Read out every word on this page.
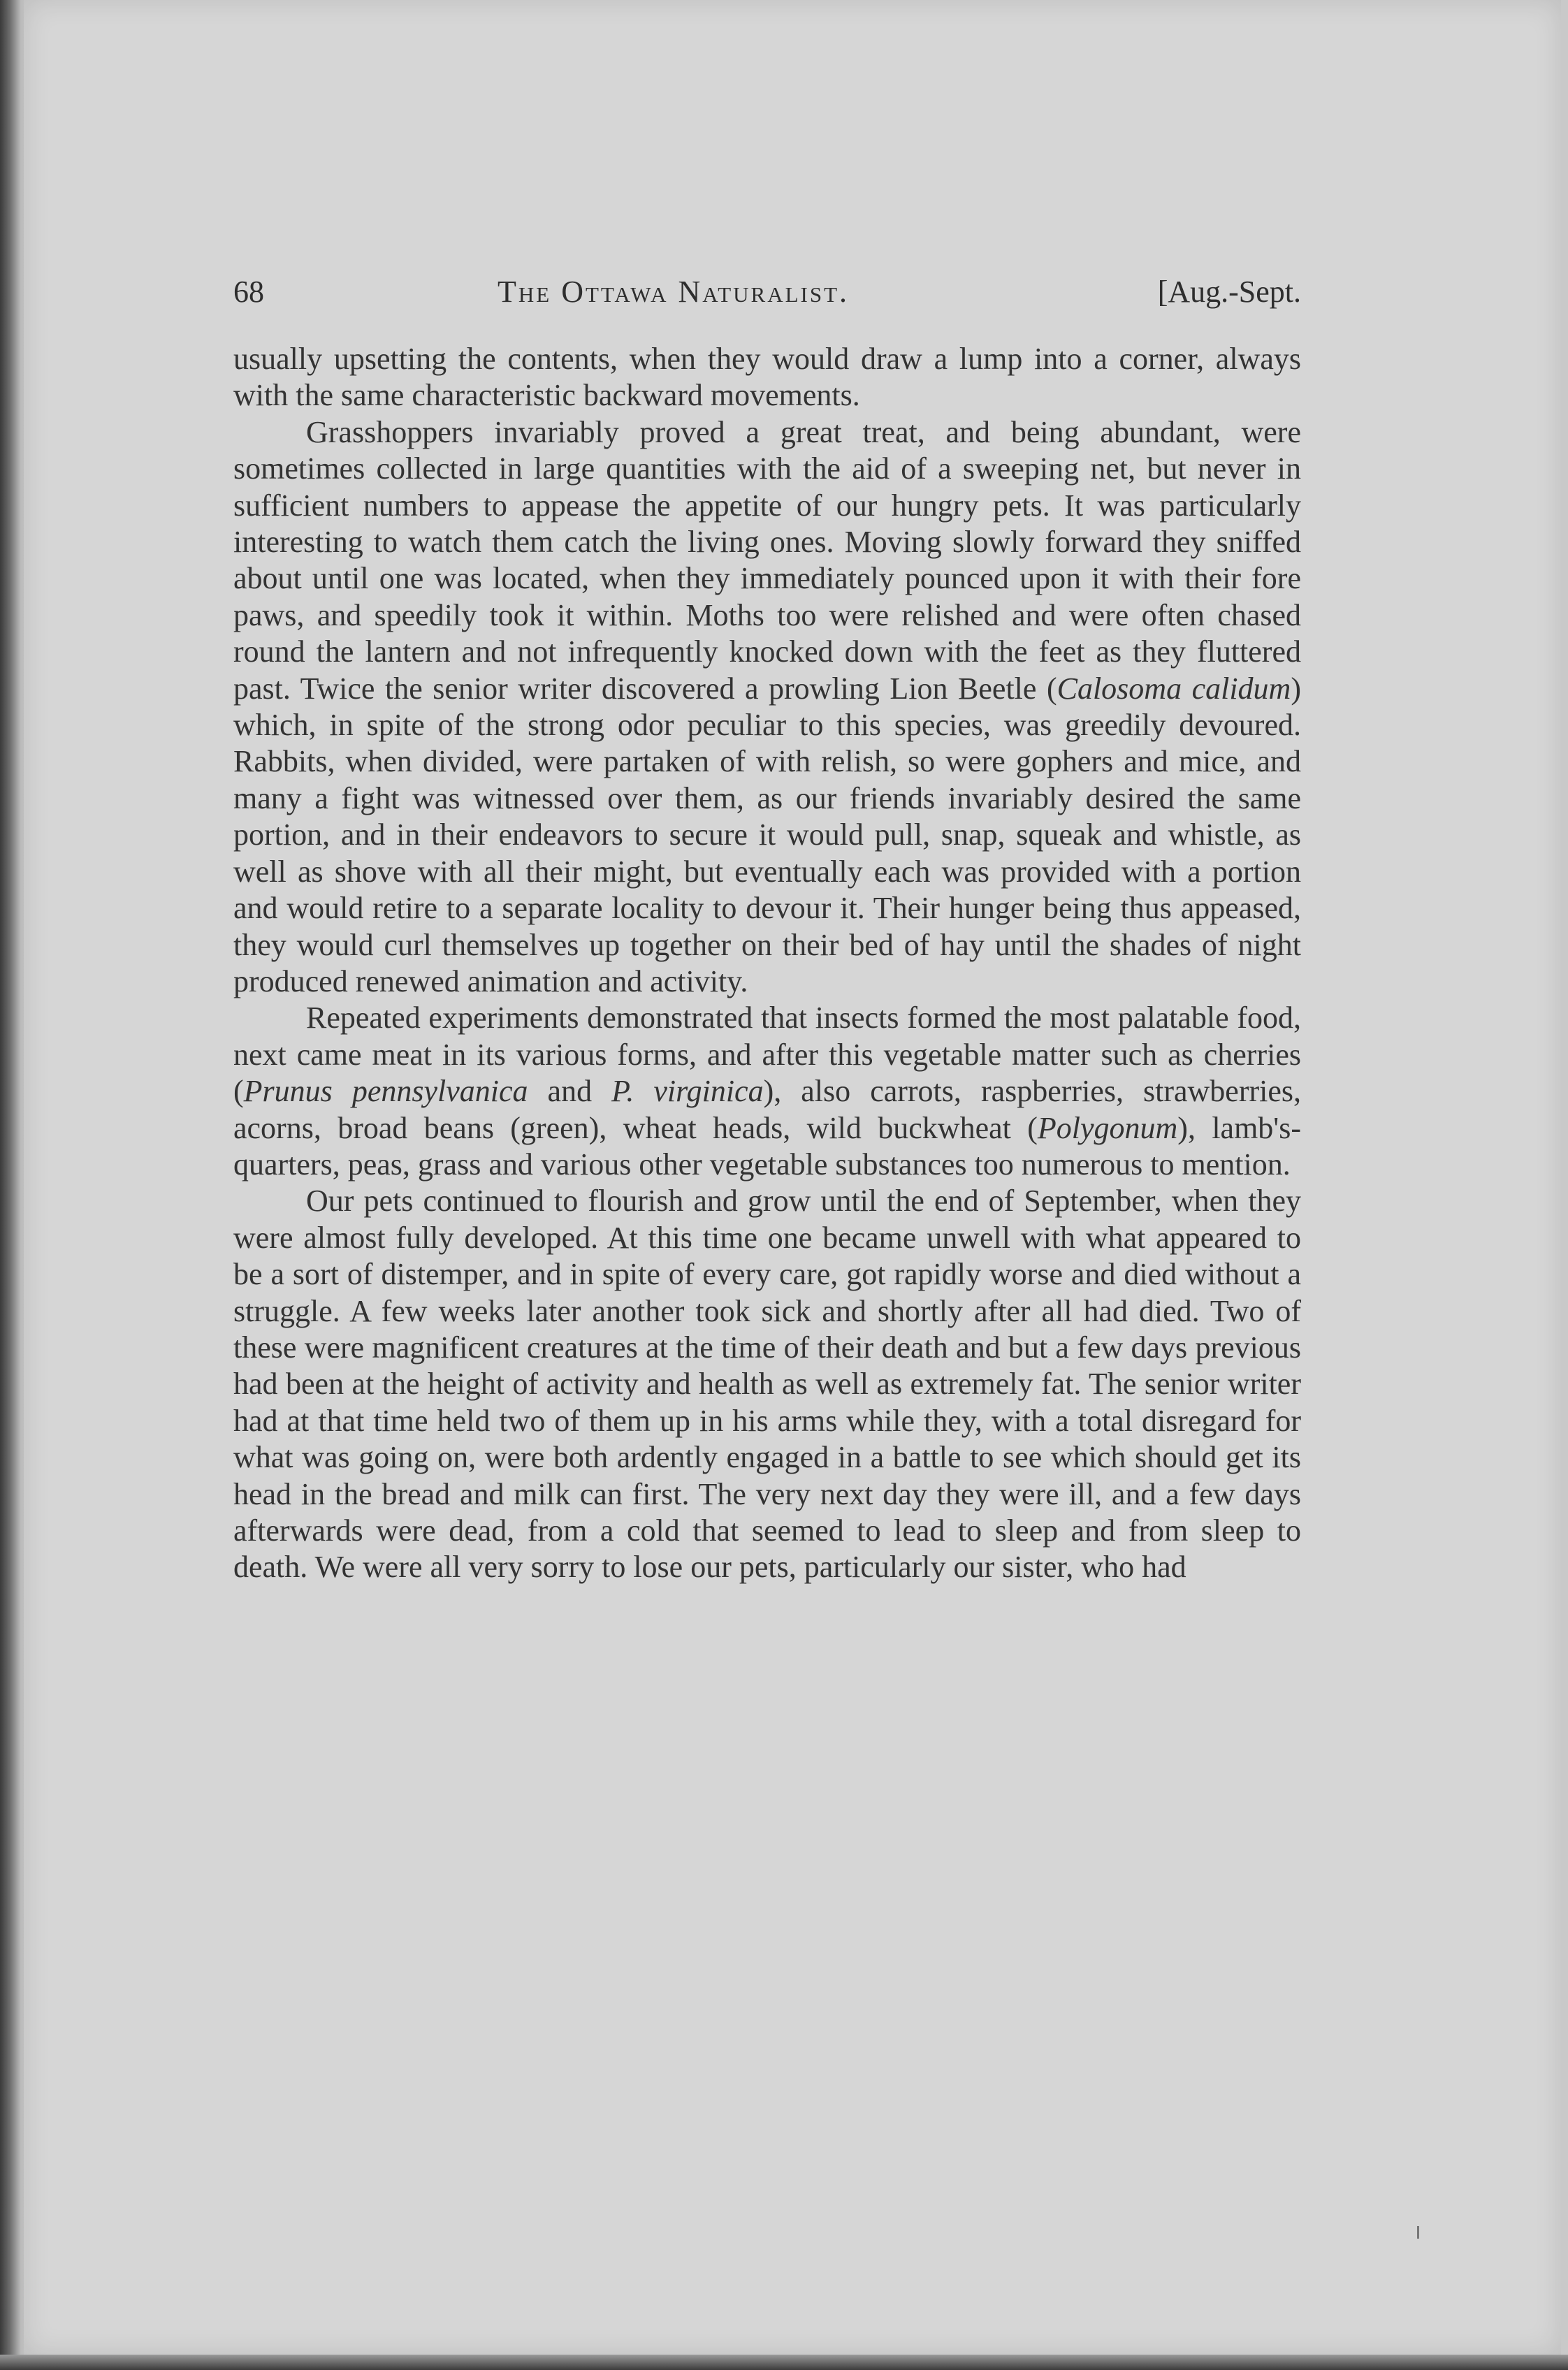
68	The Ottawa Naturalist.	[Aug.-Sept.

usually upsetting the contents, when they would draw a lump into a corner, always with the same characteristic backward movements.

Grasshoppers invariably proved a great treat, and being abundant, were sometimes collected in large quantities with the aid of a sweeping net, but never in sufficient numbers to appease the appetite of our hungry pets. It was particularly interesting to watch them catch the living ones. Moving slowly forward they sniffed about until one was located, when they immediately pounced upon it with their fore paws, and speedily took it within. Moths too were relished and were often chased round the lantern and not infrequently knocked down with the feet as they fluttered past. Twice the senior writer discovered a prowling Lion Beetle (Calosoma calidum) which, in spite of the strong odor peculiar to this species, was greedily devoured. Rabbits, when divided, were partaken of with relish, so were gophers and mice, and many a fight was witnessed over them, as our friends invariably desired the same portion, and in their endeavors to secure it would pull, snap, squeak and whistle, as well as shove with all their might, but eventually each was provided with a portion and would retire to a separate locality to devour it. Their hunger being thus appeased, they would curl themselves up together on their bed of hay until the shades of night produced renewed animation and activity.

Repeated experiments demonstrated that insects formed the most palatable food, next came meat in its various forms, and after this vegetable matter such as cherries (Prunus pennsylvanica and P. virginica), also carrots, raspberries, strawberries, acorns, broad beans (green), wheat heads, wild buckwheat (Polygonum), lamb's-quarters, peas, grass and various other vegetable substances too numerous to mention.

Our pets continued to flourish and grow until the end of September, when they were almost fully developed. At this time one became unwell with what appeared to be a sort of distemper, and in spite of every care, got rapidly worse and died without a struggle. A few weeks later another took sick and shortly after all had died. Two of these were magnificent creatures at the time of their death and but a few days previous had been at the height of activity and health as well as extremely fat. The senior writer had at that time held two of them up in his arms while they, with a total disregard for what was going on, were both ardently engaged in a battle to see which should get its head in the bread and milk can first. The very next day they were ill, and a few days afterwards were dead, from a cold that seemed to lead to sleep and from sleep to death. We were all very sorry to lose our pets, particularly our sister, who had
